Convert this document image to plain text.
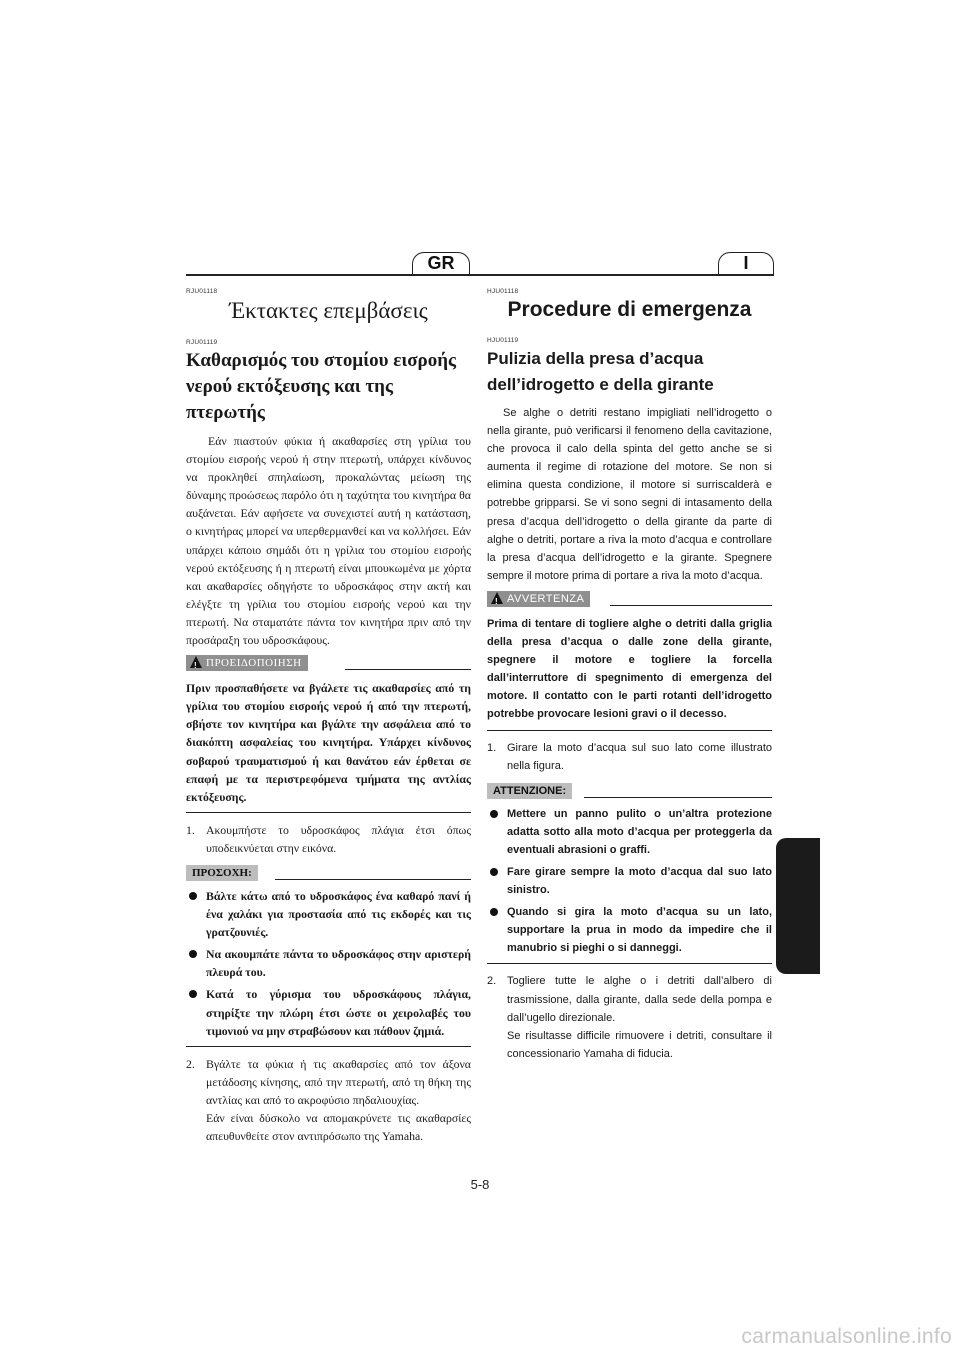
GR	I
RJU01118
Έκτακτες επεμβάσεις
RJU01119
Καθαρισμός του στομίου εισροής νερού εκτόξευσης και της πτερωτής

Εάν πιαστούν φύκια ή ακαθαρσίες στη γρίλια του στομίου εισροής νερού ή στην πτερωτή, υπάρχει κίνδυνος να προκληθεί σπηλαίωση, προκαλώντας μείωση της δύναμης προώσεως παρόλο ότι η ταχύτητα του κινητήρα θα αυξάνεται. Εάν αφήσετε να συνεχιστεί αυτή η κατάσταση, ο κινητήρας μπορεί να υπερθερμανθεί και να κολλήσει. Εάν υπάρχει κάποιο σημάδι ότι η γρίλια του στομίου εισροής νερού εκτόξευσης ή η πτερωτή είναι μπουκωμένα με χόρτα και ακαθαρσίες οδηγήστε το υδροσκάφος στην ακτή και ελέγξτε τη γρίλια του στομίου εισροής νερού και την πτερωτή. Να σταματάτε πάντα τον κινητήρα πριν από την προσάραξη του υδροσκάφους.

!
ΠΡΟΕΙΔΟΠΟΙΗΣΗ

Πριν προσπαθήσετε να βγάλετε τις ακαθαρσίες από τη γρίλια του στομίου εισροής νερού ή από την πτερωτή, σβήστε τον κινητήρα και βγάλτε την ασφάλεια από το διακόπτη ασφαλείας του κινητήρα. Υπάρχει κίνδυνος σοβαρού τραυματισμού ή και θανάτου εάν έρθεται σε επαφή με τα περιστρεφόμενα τμήματα της αντλίας εκτόξευσης.

1. Ακουμπήστε το υδροσκάφος πλάγια έτσι όπως υποδεικνύεται στην εικόνα.
ΠΡΟΣΟΧΗ:
Βάλτε κάτω από το υδροσκάφος ένα καθαρό πανί ή ένα χαλάκι για προστασία από τις εκδορές και τις γρατζουνιές.
Να ακουμπάτε πάντα το υδροσκάφος στην αριστερή πλευρά του.
Κατά το γύρισμα του υδροσκάφους πλάγια, στηρίξτε την πλώρη έτσι ώστε οι χειρολαβές του τιμονιού να μην στραβώσουν και πάθουν ζημιά.
2. Βγάλτε τα φύκια ή τις ακαθαρσίες από τον άξονα μετάδοσης κίνησης, από την πτερωτή, από τη θήκη της αντλίας και από το ακροφύσιο πηδαλιουχίας.
Εάν είναι δύσκολο να απομακρύνετε τις ακαθαρσίες απευθυνθείτε στον αντιπρόσωπο της Yamaha.
HJU01118
Procedure di emergenza
HJU01119
Pulizia della presa d’acqua dell’idrogetto e della girante

Se alghe o detriti restano impigliati nell’idrogetto o nella girante, può verificarsi il fenomeno della cavitazione, che provoca il calo della spinta del getto anche se si aumenta il regime di rotazione del motore. Se non si elimina questa condizione, il motore si surriscalderà e potrebbe gripparsi. Se vi sono segni di intasamento della presa d’acqua dell’idrogetto o della girante da parte di alghe o detriti, portare a riva la moto d’acqua e controllare la presa d’acqua dell’idrogetto e la girante. Spegnere sempre il motore prima di portare a riva la moto d’acqua.

!
AVVERTENZA

Prima di tentare di togliere alghe o detriti dalla griglia della presa d’acqua o dalle zone della girante, spegnere il motore e togliere la forcella dall’interruttore di spegnimento di emergenza del motore. Il contatto con le parti rotanti dell’idrogetto potrebbe provocare lesioni gravi o il decesso.

1. Girare la moto d’acqua sul suo lato come illustrato nella figura.
ATTENZIONE:
Mettere un panno pulito o un’altra protezione adatta sotto alla moto d’acqua per proteggerla da eventuali abrasioni o graffi.
Fare girare sempre la moto d’acqua dal suo lato sinistro.
Quando si gira la moto d’acqua su un lato, supportare la prua in modo da impedire che il manubrio si pieghi o si danneggi.
2. Togliere tutte le alghe o i detriti dall’albero di trasmissione, dalla girante, dalla sede della pompa e dall’ugello direzionale.
Se risultasse difficile rimuovere i detriti, consultare il concessionario Yamaha di fiducia.
5-8
carmanualsonline.info
